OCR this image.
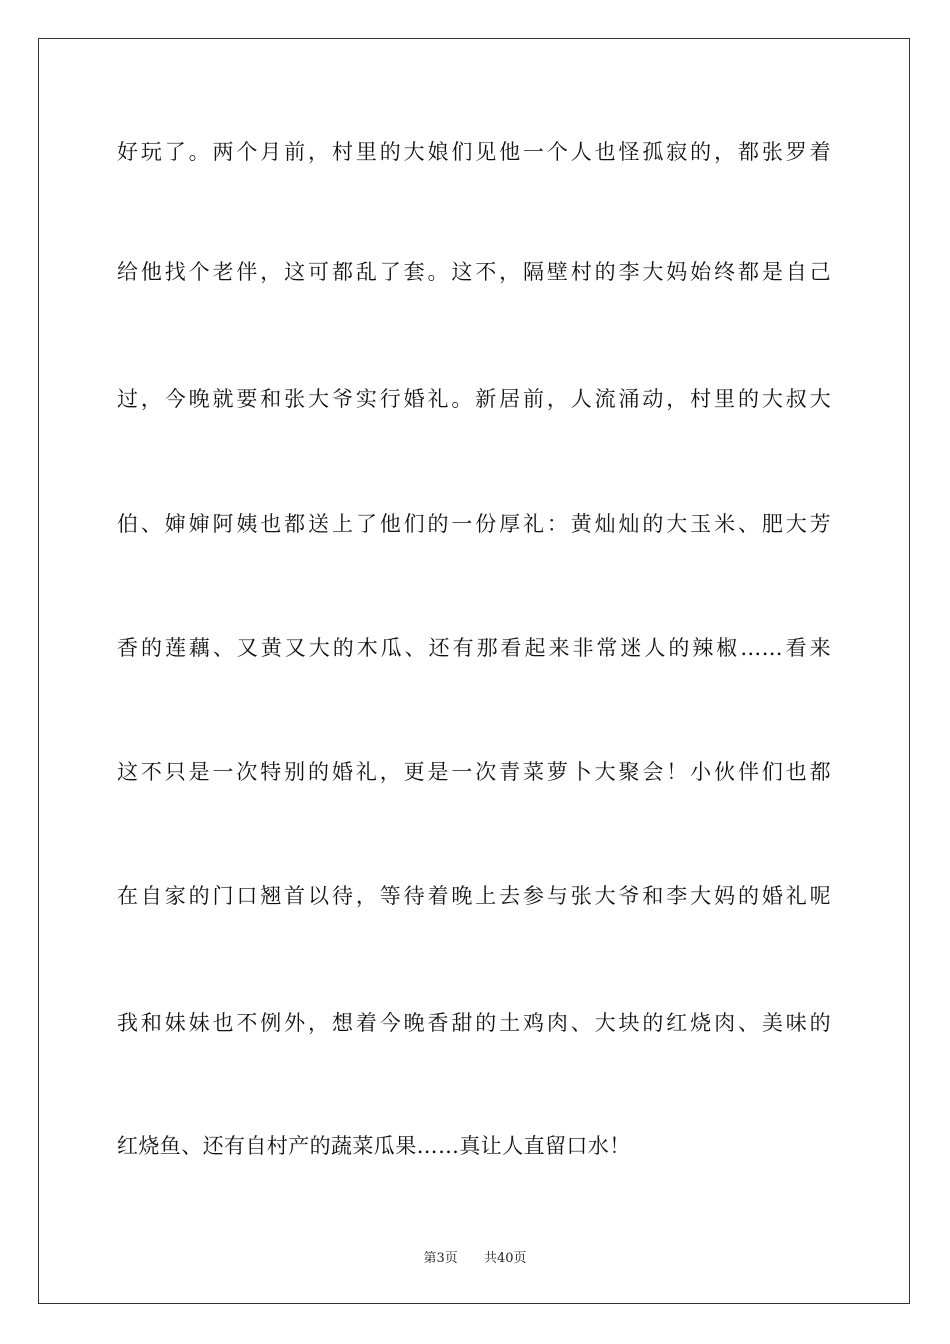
好玩了。两个月前，村里的大娘们见他一个人也怪孤寂的，都张罗着
给他找个老伴，这可都乱了套。这不，隔壁村的李大妈始终都是自己
过，今晚就要和张大爷实行婚礼。新居前，人流涌动，村里的大叔大
伯、婶婶阿姨也都送上了他们的一份厚礼：黄灿灿的大玉米、肥大芳
香的莲藕、又黄又大的木瓜、还有那看起来非常迷人的辣椒……看来
这不只是一次特别的婚礼，更是一次青菜萝卜大聚会！小伙伴们也都
在自家的门口翘首以待，等待着晚上去参与张大爷和李大妈的婚礼呢
我和妹妹也不例外，想着今晚香甜的土鸡肉、大块的红烧肉、美味的
红烧鱼、还有自村产的蔬菜瓜果……真让人直留口水！
第3页 共40页
